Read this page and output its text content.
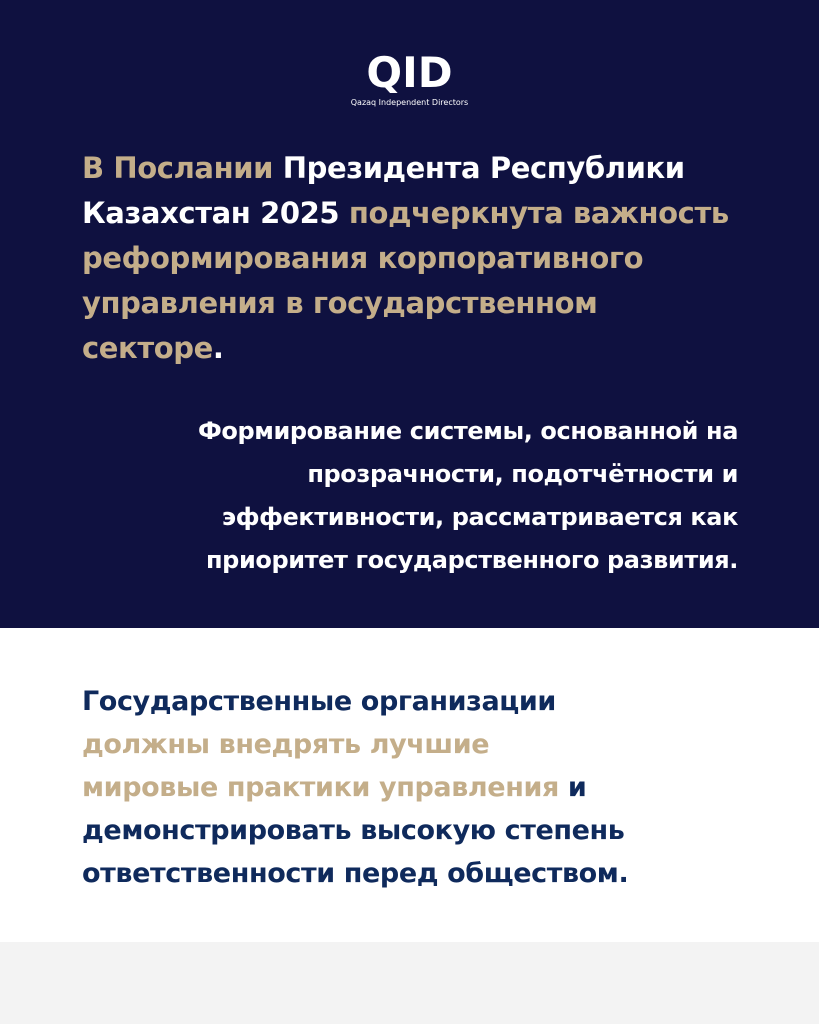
QID
Qazaq Independent Directors

В Послании Президента Республики
Казахстан 2025 подчеркнута важность
реформирования корпоративного
управления в государственном
секторе.

Формирование системы, основанной на
прозрачности, подотчётности и
эффективности, рассматривается как
приоритет государственного развития.

Государственные организации
должны внедрять лучшие
мировые практики управления и
демонстрировать высокую степень
ответственности перед обществом.
